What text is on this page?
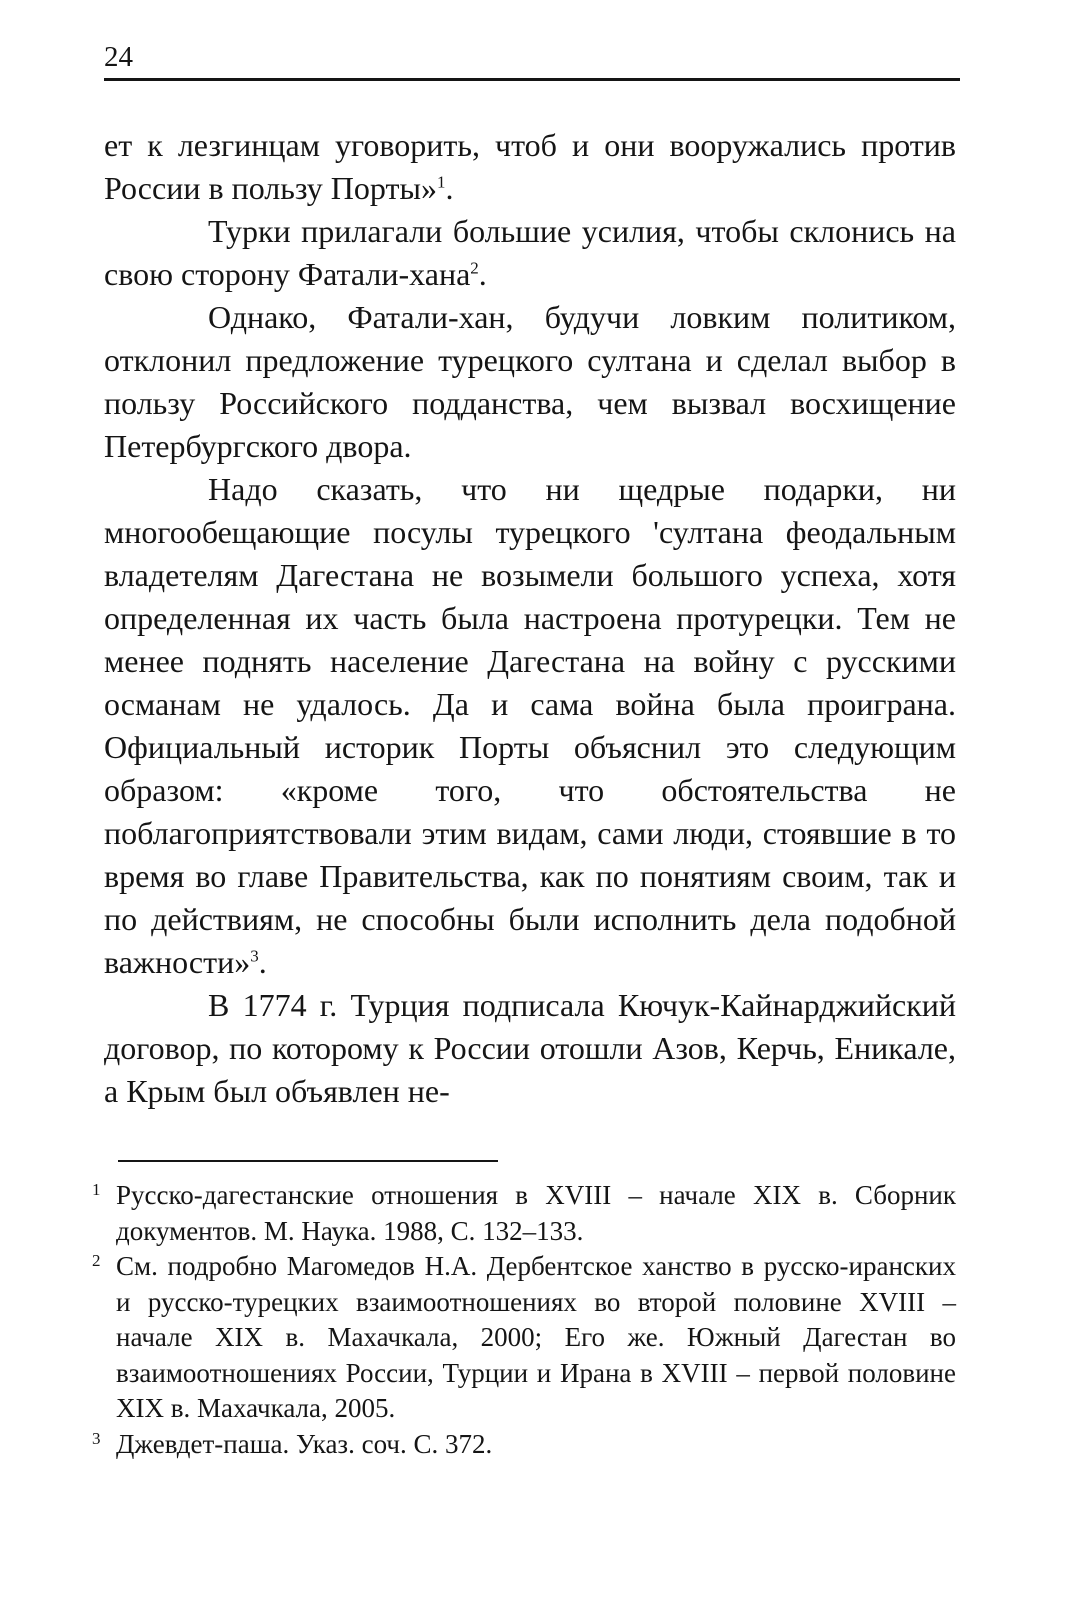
24

ет к лезгинцам уговорить, чтоб и они вооружались против России в пользу Порты»$^1$.

Турки прилагали большие усилия, чтобы склонись на свою сторону Фатали-хана$^2$.

Однако, Фатали-хан, будучи ловким политиком, отклонил предложение турецкого султана и сделал выбор в пользу Российского подданства, чем вызвал восхищение Петербургского двора.

Надо сказать, что ни щедрые подарки, ни многообещающие посулы турецкого 'султана феодальным владетелям Дагестана не возымели большого успеха, хотя определенная их часть была настроена протурецки. Тем не менее поднять население Дагестана на войну с русскими османам не удалось. Да и сама война была проиграна. Официальный историк Порты объяснил это следующим образом: «кроме того, что обстоятельства не поблагоприятствовали этим видам, сами люди, стоявшие в то время во главе Правительства, как по понятиям своим, так и по действиям, не способны были исполнить дела подобной важности»$^3$.

В 1774 г. Турция подписала Кючук-Кайнарджийский договор, по которому к России отошли Азов, Керчь, Еникале, а Крым был объявлен не-

1 Русско-дагестанские отношения в XVIII – начале XIX в. Сборник документов. М. Наука. 1988, С. 132–133.
2 См. подробно Магомедов Н.А. Дербентское ханство в русско-иранских и русско-турецких взаимоотношениях во второй половине XVIII – начале XIX в. Махачкала, 2000; Его же. Южный Дагестан во взаимоотношениях России, Турции и Ирана в XVIII – первой половине XIX в. Махачкала, 2005.
3 Джевдет-паша. Указ. соч. С. 372.
